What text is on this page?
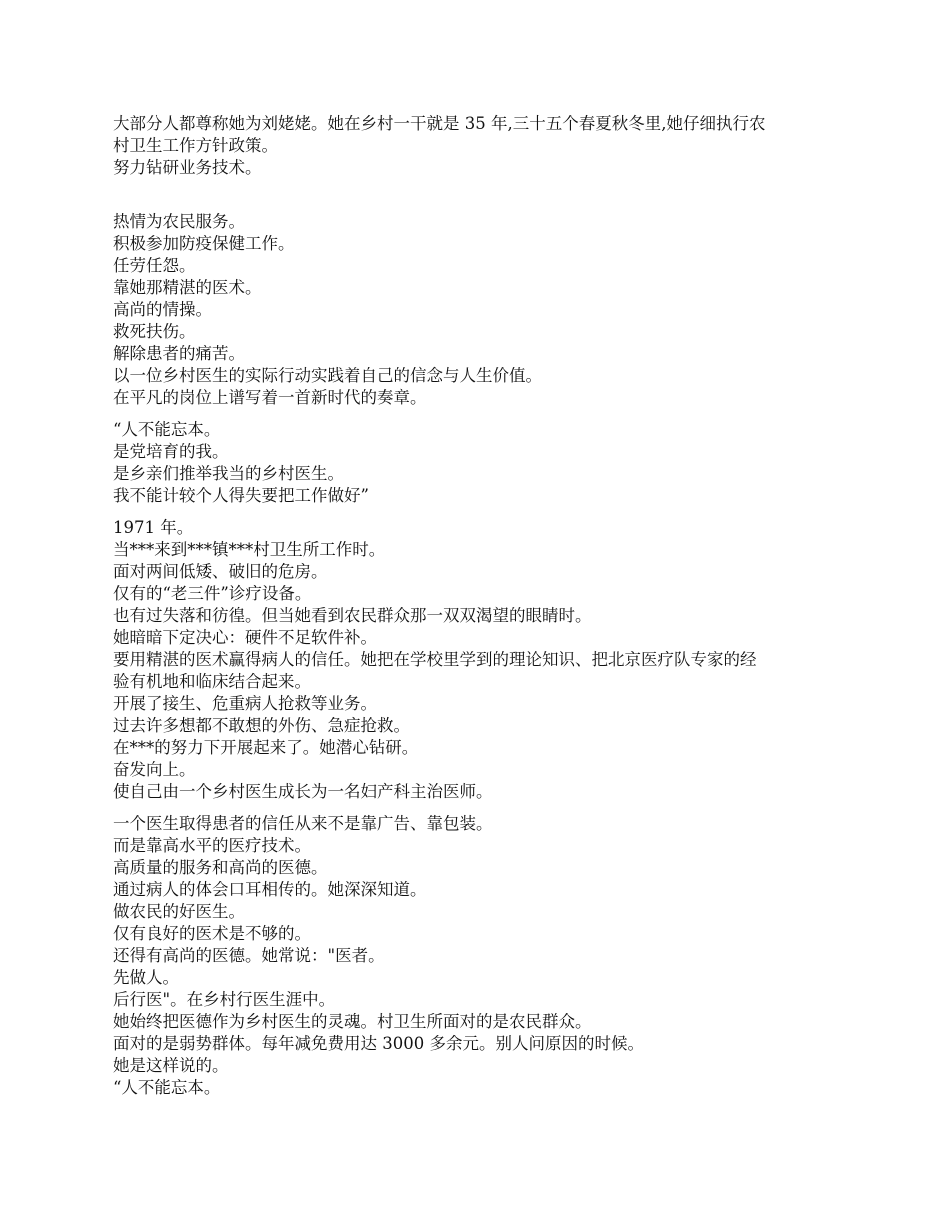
大部分人都尊称她为刘姥姥。她在乡村一干就是 35 年,三十五个春夏秋冬里,她仔细执行农
村卫生工作方针政策。
努力钻研业务技术。
热情为农民服务。
积极参加防疫保健工作。
任劳任怨。
靠她那精湛的医术。
高尚的情操。
救死扶伤。
解除患者的痛苦。
以一位乡村医生的实际行动实践着自己的信念与人生价值。
在平凡的岗位上谱写着一首新时代的奏章。
“人不能忘本。
是党培育的我。
是乡亲们推举我当的乡村医生。
我不能计较个人得失要把工作做好”
1971 年。
当***来到***镇***村卫生所工作时。
面对两间低矮、破旧的危房。
仅有的“老三件”诊疗设备。
也有过失落和彷徨。但当她看到农民群众那一双双渴望的眼睛时。
她暗暗下定决心：硬件不足软件补。
要用精湛的医术赢得病人的信任。她把在学校里学到的理论知识、把北京医疗队专家的经
验有机地和临床结合起来。
开展了接生、危重病人抢救等业务。
过去许多想都不敢想的外伤、急症抢救。
在***的努力下开展起来了。她潜心钻研。
奋发向上。
使自己由一个乡村医生成长为一名妇产科主治医师。
一个医生取得患者的信任从来不是靠广告、靠包装。
而是靠高水平的医疗技术。
高质量的服务和高尚的医德。
通过病人的体会口耳相传的。她深深知道。
做农民的好医生。
仅有良好的医术是不够的。
还得有高尚的医德。她常说："医者。
先做人。
后行医"。在乡村行医生涯中。
她始终把医德作为乡村医生的灵魂。村卫生所面对的是农民群众。
面对的是弱势群体。每年减免费用达 3000 多余元。别人问原因的时候。
她是这样说的。
“人不能忘本。
